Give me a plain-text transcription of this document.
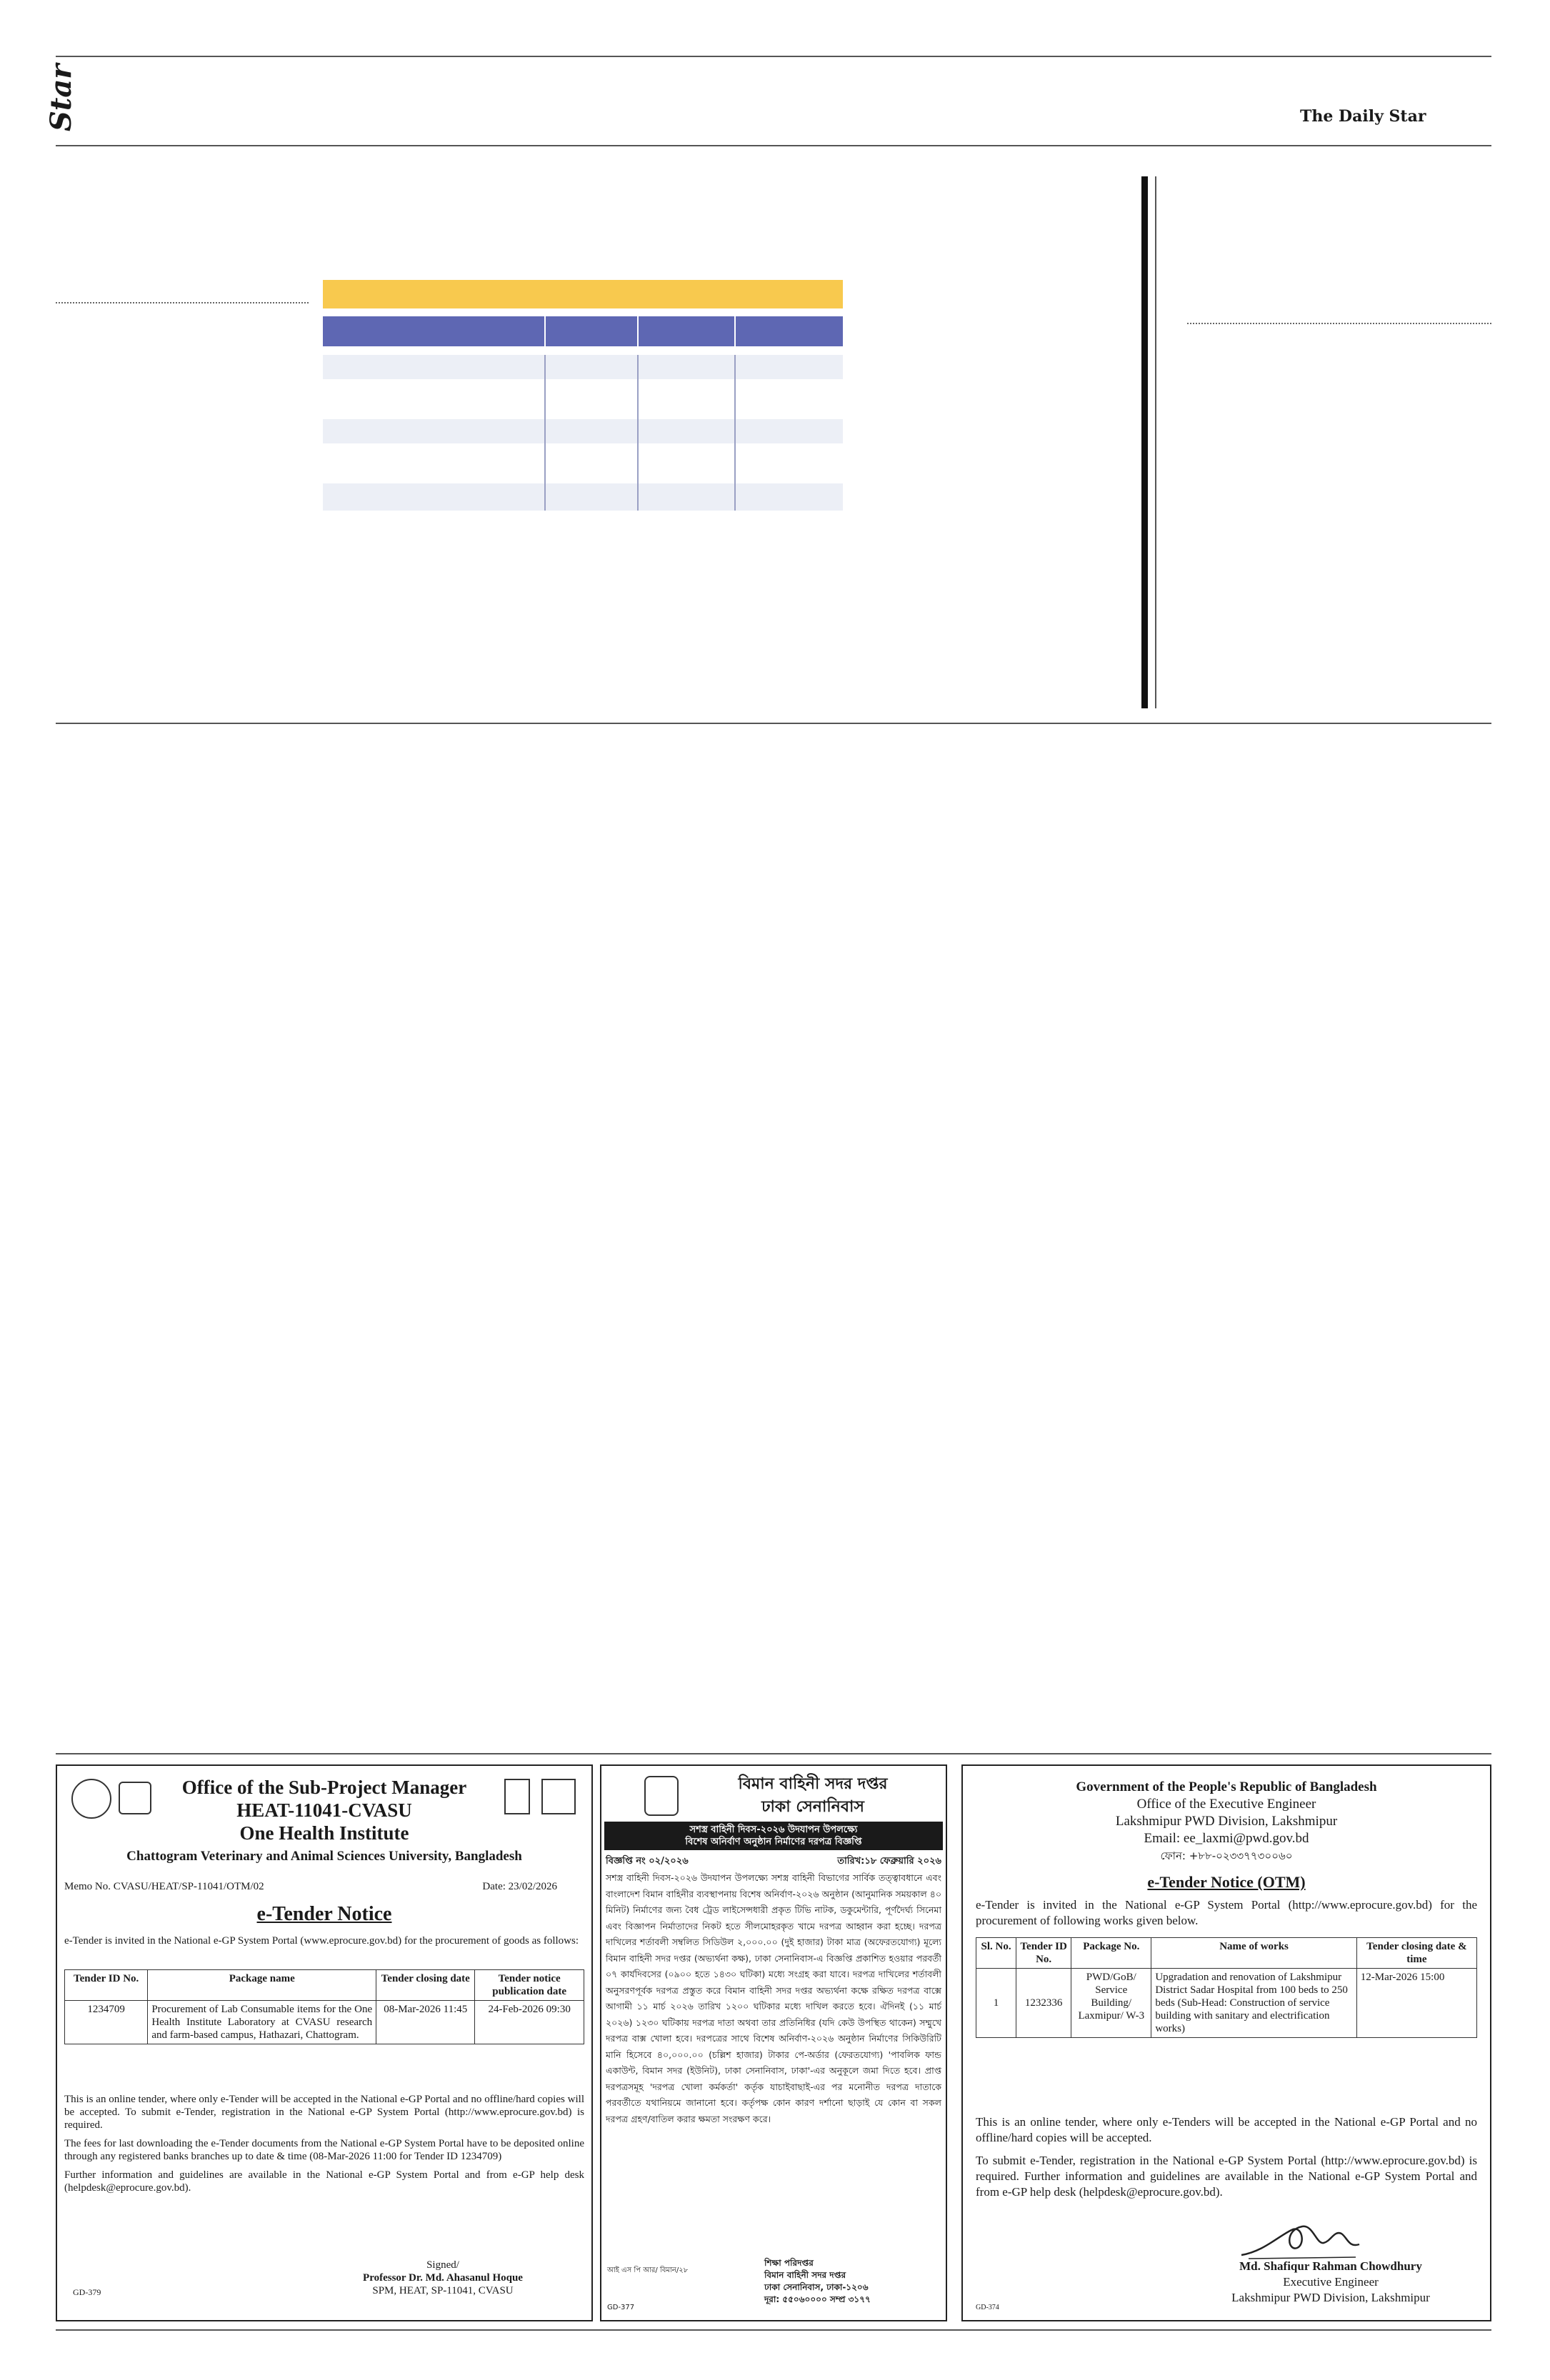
Star	The Daily Star
Office of the Sub-Project Manager
HEAT-11041-CVASU
One Health Institute
Chattogram Veterinary and Animal Sciences University, Bangladesh
Memo No. CVASU/HEAT/SP-11041/OTM/02	Date: 23/02/2026
e-Tender Notice
e-Tender is invited in the National e-GP System Portal (www.eprocure.gov.bd) for the procurement of goods as follows:
Tender ID No.	Package name	Tender closing date	Tender notice publication date
1234709	Procurement of Lab Consumable items for the One Health Institute Laboratory at CVASU research and farm-based campus, Hathazari, Chattogram.	08-Mar-2026 11:45	24-Feb-2026 09:30

This is an online tender, where only e-Tender will be accepted in the National e-GP Portal and no offline/hard copies will be accepted. To submit e-Tender, registration in the National e-GP System Portal (http://www.eprocure.gov.bd) is required.

The fees for last downloading the e-Tender documents from the National e-GP System Portal have to be deposited online through any registered banks branches up to date & time (08-Mar-2026 11:00 for Tender ID 1234709)

Further information and guidelines are available in the National e-GP System Portal and from e-GP help desk (helpdesk@eprocure.gov.bd).

Signed/
Professor Dr. Md. Ahasanul Hoque
SPM, HEAT, SP-11041, CVASU
GD-379
বিমান বাহিনী সদর দপ্তর
ঢাকা সেনানিবাস
সশস্ত্র বাহিনী দিবস-২০২৬ উদযাপন উপলক্ষ্যে
বিশেষ অনির্বাণ অনুষ্ঠান নির্মাণের দরপত্র বিজ্ঞপ্তি
বিজ্ঞপ্তি নং ০২/২০২৬	তারিখ:১৮ ফেব্রুয়ারি ২০২৬
সশস্ত্র বাহিনী দিবস-২০২৬ উদযাপন উপলক্ষ্যে সশস্ত্র বাহিনী বিভাগের সার্বিক তত্ত্বাবধানে এবং বাংলাদেশ বিমান বাহিনীর ব্যবস্থাপনায় বিশেষ অনির্বাণ-২০২৬ অনুষ্ঠান (আনুমানিক সময়কাল ৪০ মিনিট) নির্মাণের জন্য বৈধ ট্রেড লাইসেন্সধারী প্রকৃত টিভি নাটক, ডকুমেন্টারি, পূর্ণদৈর্ঘ্য সিনেমা এবং বিজ্ঞাপন নির্মাতাদের নিকট হতে সীলমোহরকৃত খামে দরপত্র আহ্বান করা হচ্ছে। দরপত্র দাখিলের শর্তাবলী সম্বলিত সিডিউল ২,০০০.০০ (দুই হাজার) টাকা মাত্র (অফেরতযোগ্য) মূল্যে বিমান বাহিনী সদর দপ্তর (অভ্যর্থনা কক্ষ), ঢাকা সেনানিবাস-এ বিজ্ঞপ্তি প্রকাশিত হওয়ার পরবর্তী ০৭ কার্যদিবসের (০৯০০ হতে ১৪৩০ ঘটিকা) মধ্যে সংগ্রহ করা যাবে। দরপত্র দাখিলের শর্তাবলী অনুসরণপূর্বক দরপত্র প্রস্তুত করে বিমান বাহিনী সদর দপ্তর অভ্যর্থনা কক্ষে রক্ষিত দরপত্র বাক্সে আগামী ১১ মার্চ ২০২৬ তারিখ ১২০০ ঘটিকার মধ্যে দাখিল করতে হবে। ঐদিনই (১১ মার্চ ২০২৬) ১২৩০ ঘটিকায় দরপত্র দাতা অথবা তার প্রতিনিধির (যদি কেউ উপস্থিত থাকেন) সম্মুখে দরপত্র বাক্স খোলা হবে। দরপত্রের সাথে বিশেষ অনির্বাণ-২০২৬ অনুষ্ঠান নির্মাণের সিকিউরিটি মানি হিসেবে ৪০,০০০.০০ (চল্লিশ হাজার) টাকার পে-অর্ডার (ফেরতযোগ্য) 'পাবলিক ফান্ড একাউন্ট, বিমান সদর (ইউনিট), ঢাকা সেনানিবাস, ঢাকা'-এর অনুকূলে জমা দিতে হবে। প্রাপ্ত দরপত্রসমূহ 'দরপত্র খোলা কর্মকর্তা' কর্তৃক যাচাইবাছাই-এর পর মনোনীত দরপত্র দাতাকে পরবর্তীতে যথানিয়মে জানানো হবে। কর্তৃপক্ষ কোন কারণ দর্শানো ছাড়াই যে কোন বা সকল দরপত্র গ্রহণ/বাতিল করার ক্ষমতা সংরক্ষণ করে।
আই এস পি আর/ বিমান/২৮
শিক্ষা পরিদপ্তর
বিমান বাহিনী সদর দপ্তর
ঢাকা সেনানিবাস, ঢাকা-১২০৬
দূরা: ৫৫০৬০০০০ সম্প্র ৩১৭৭
GD-377
Government of the People's Republic of Bangladesh
Office of the Executive Engineer
Lakshmipur PWD Division, Lakshmipur
Email: ee_laxmi@pwd.gov.bd
ফোন: +৮৮-০২৩৩৭৭৩০০৬০
e-Tender Notice (OTM)
e-Tender is invited in the National e-GP System Portal (http://www.eprocure.gov.bd) for the procurement of following works given below.
Sl. No.	Tender ID No.	Package No.	Name of works	Tender closing date & time
1	1232336	PWD/GoB/ Service Building/ Laxmipur/ W-3	Upgradation and renovation of Lakshmipur District Sadar Hospital from 100 beds to 250 beds (Sub-Head: Construction of service building with sanitary and electrification works)	12-Mar-2026 15:00

This is an online tender, where only e-Tenders will be accepted in the National e-GP Portal and no offline/hard copies will be accepted.

To submit e-Tender, registration in the National e-GP System Portal (http://www.eprocure.gov.bd) is required. Further information and guidelines are available in the National e-GP System Portal and from e-GP help desk (helpdesk@eprocure.gov.bd).

Md. Shafiqur Rahman Chowdhury
Executive Engineer
Lakshmipur PWD Division, Lakshmipur
GD-374
